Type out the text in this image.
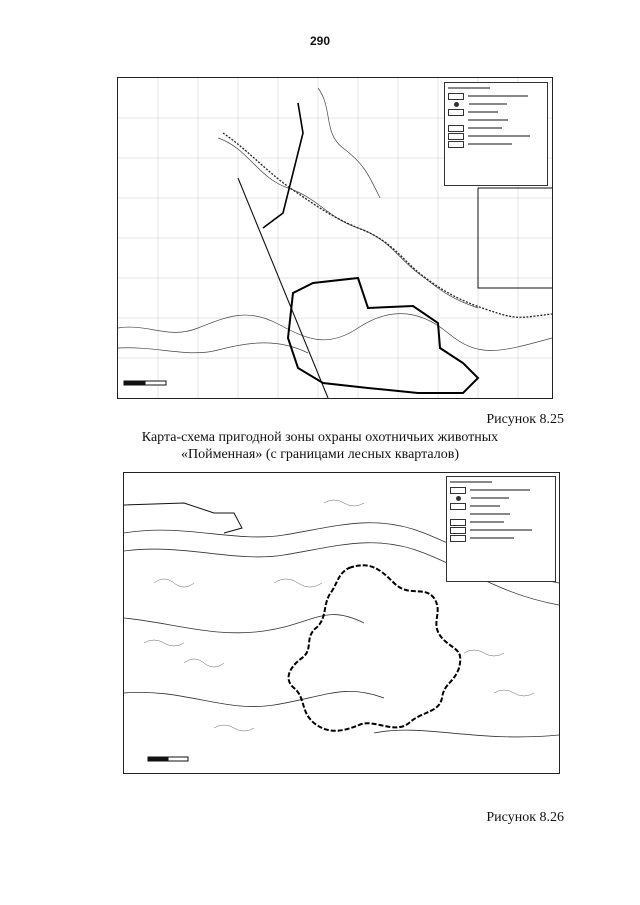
290
Рисунок 8.25
Карта-схема пригодной зоны охраны охотничьих животных
«Пойменная» (с границами лесных кварталов)
Рисунок 8.26
